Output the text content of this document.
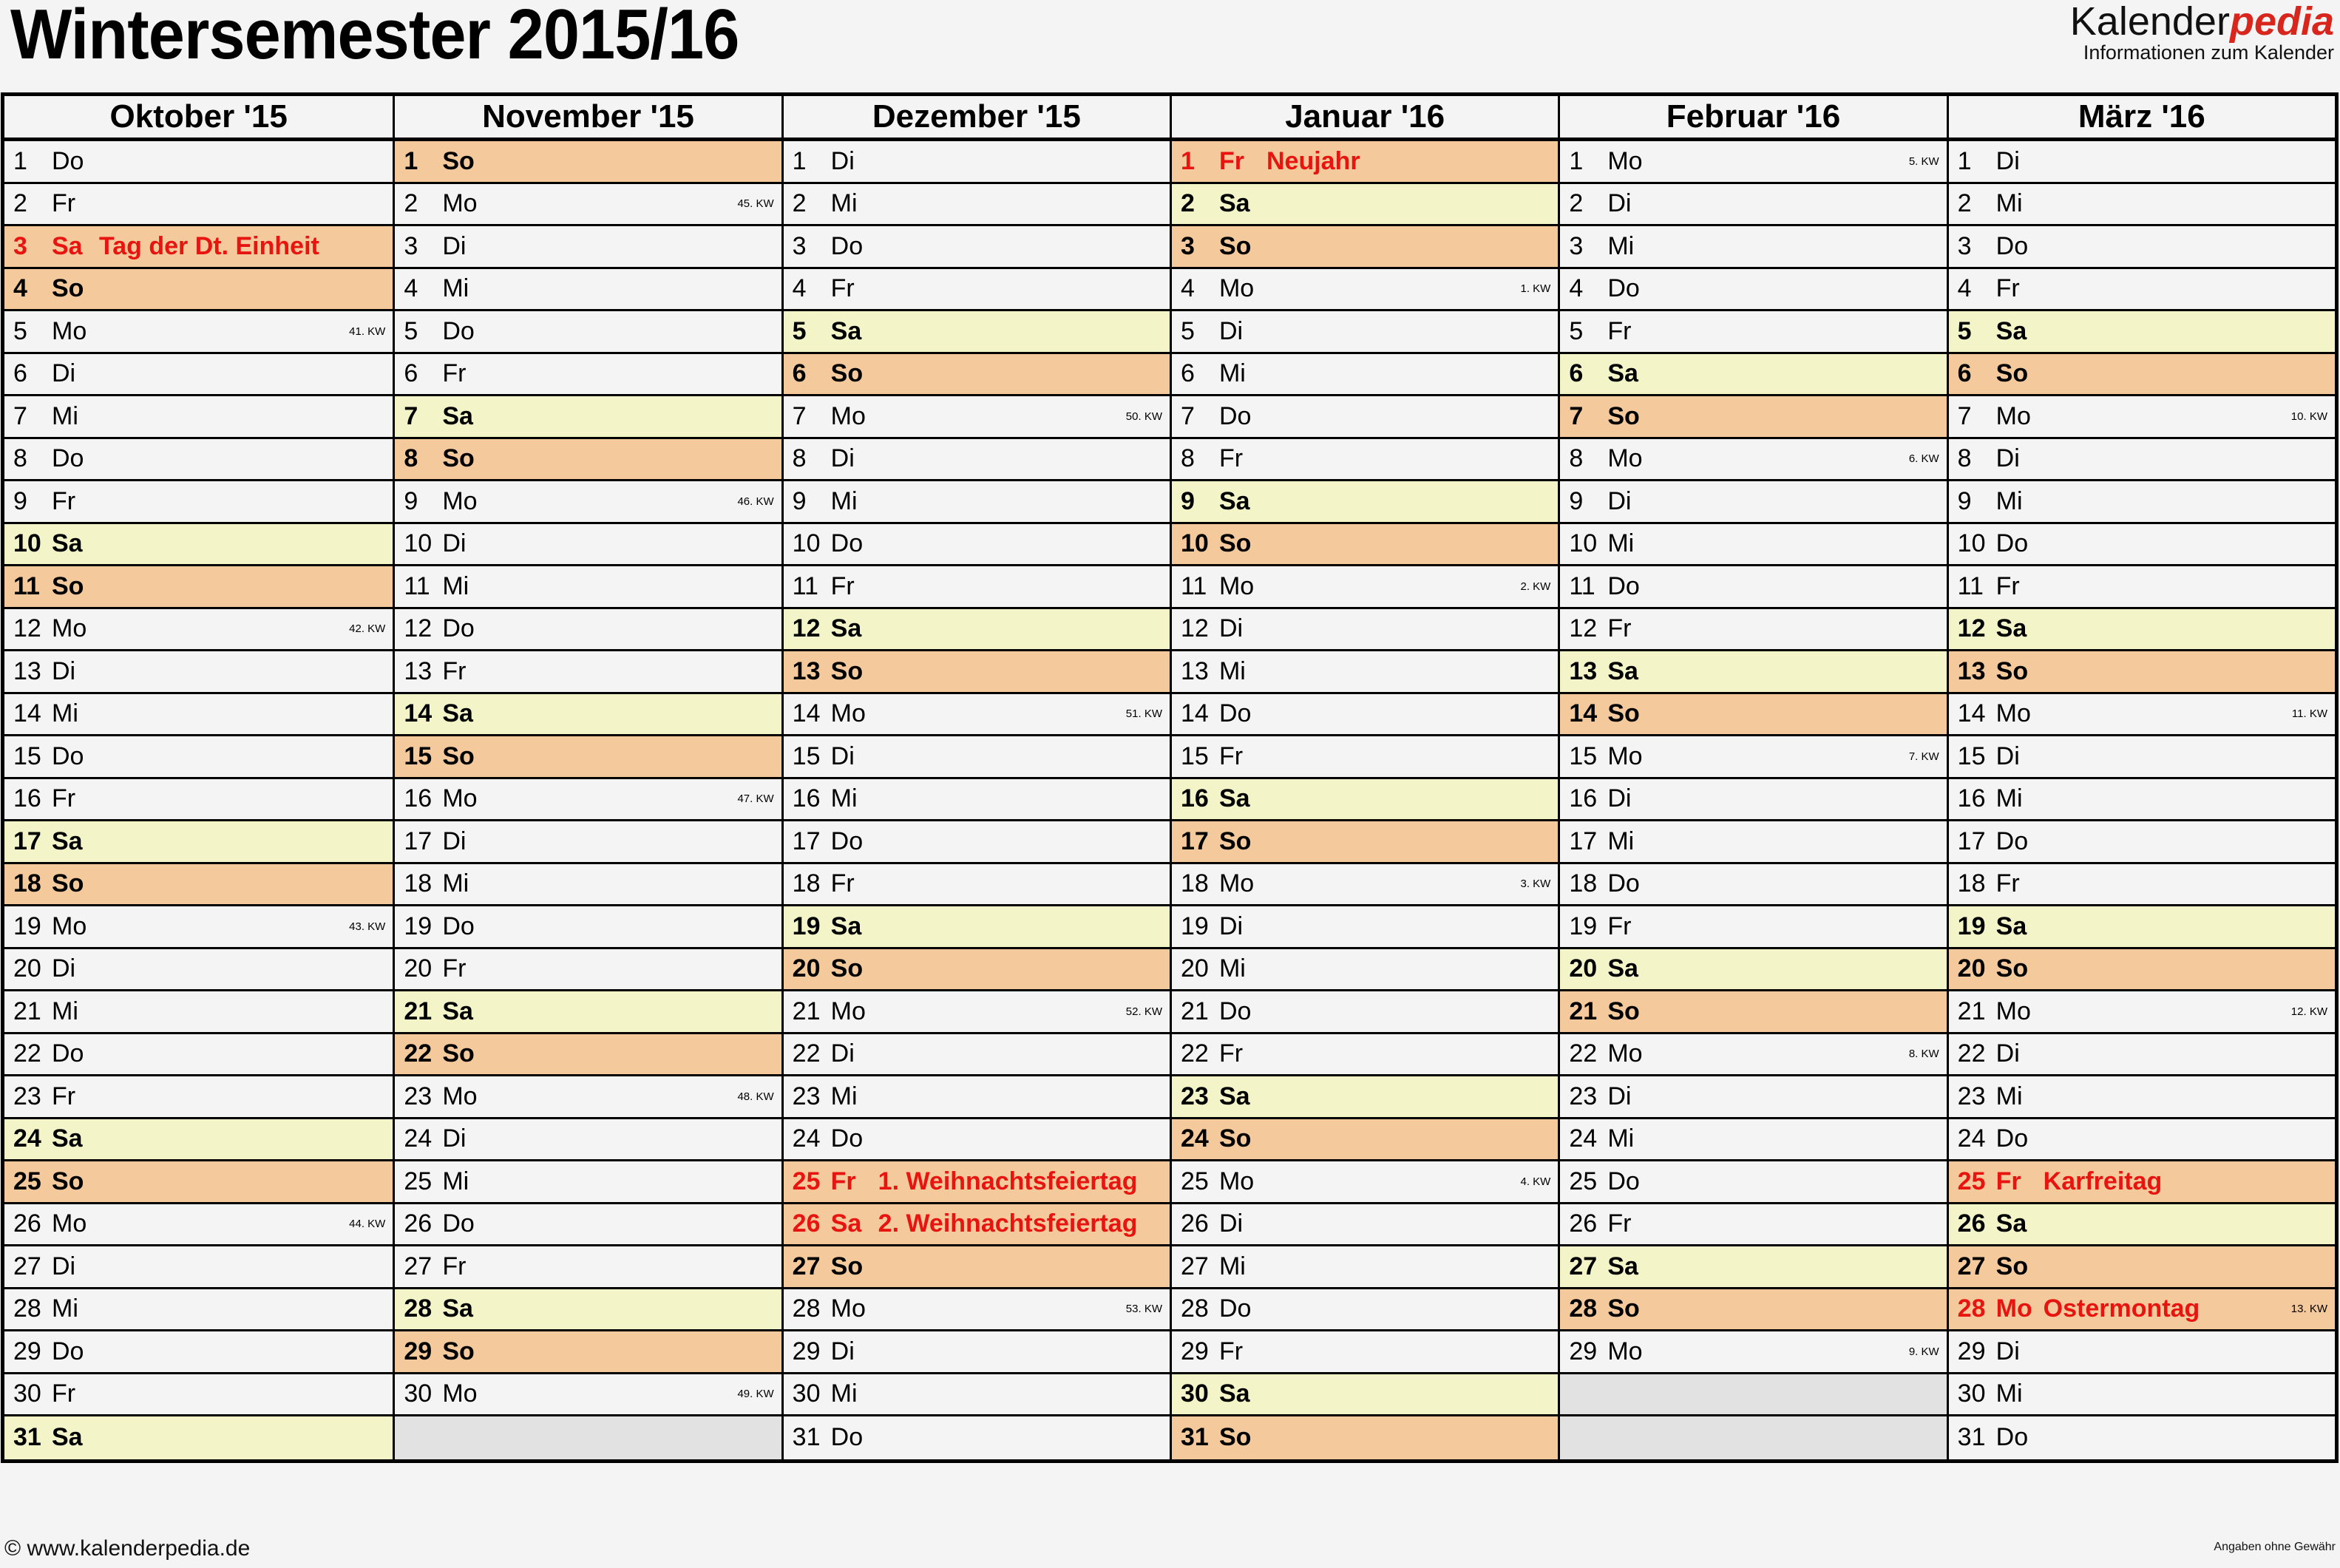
Wintersemester 2015/16	Kalenderpedia
Informationen zum Kalender
Oktober '15
1 Do
2 Fr
3 Sa Tag der Dt. Einheit
4 So
5 Mo	41. KW
6 Di
7 Mi
8 Do
9 Fr
10 Sa
11 So
12 Mo	42. KW
13 Di
14 Mi
15 Do
16 Fr
17 Sa
18 So
19 Mo	43. KW
20 Di
21 Mi
22 Do
23 Fr
24 Sa
25 So
26 Mo	44. KW
27 Di
28 Mi
29 Do
30 Fr
31 Sa
November '15
1 So
2 Mo	45. KW
3 Di
4 Mi
5 Do
6 Fr
7 Sa
8 So
9 Mo	46. KW
10 Di
11 Mi
12 Do
13 Fr
14 Sa
15 So
16 Mo	47. KW
17 Di
18 Mi
19 Do
20 Fr
21 Sa
22 So
23 Mo	48. KW
24 Di
25 Mi
26 Do
27 Fr
28 Sa
29 So
30 Mo	49. KW
Dezember '15
1 Di
2 Mi
3 Do
4 Fr
5 Sa
6 So
7 Mo	50. KW
8 Di
9 Mi
10 Do
11 Fr
12 Sa
13 So
14 Mo	51. KW
15 Di
16 Mi
17 Do
18 Fr
19 Sa
20 So
21 Mo	52. KW
22 Di
23 Mi
24 Do
25 Fr 1. Weihnachtsfeiertag
26 Sa 2. Weihnachtsfeiertag
27 So
28 Mo	53. KW
29 Di
30 Mi
31 Do
Januar '16
1 Fr Neujahr
2 Sa
3 So
4 Mo	1. KW
5 Di
6 Mi
7 Do
8 Fr
9 Sa
10 So
11 Mo	2. KW
12 Di
13 Mi
14 Do
15 Fr
16 Sa
17 So
18 Mo	3. KW
19 Di
20 Mi
21 Do
22 Fr
23 Sa
24 So
25 Mo	4. KW
26 Di
27 Mi
28 Do
29 Fr
30 Sa
31 So
Februar '16
1 Mo	5. KW
2 Di
3 Mi
4 Do
5 Fr
6 Sa
7 So
8 Mo	6. KW
9 Di
10 Mi
11 Do
12 Fr
13 Sa
14 So
15 Mo	7. KW
16 Di
17 Mi
18 Do
19 Fr
20 Sa
21 So
22 Mo	8. KW
23 Di
24 Mi
25 Do
26 Fr
27 Sa
28 So
29 Mo	9. KW
März '16
1 Di
2 Mi
3 Do
4 Fr
5 Sa
6 So
7 Mo	10. KW
8 Di
9 Mi
10 Do
11 Fr
12 Sa
13 So
14 Mo	11. KW
15 Di
16 Mi
17 Do
18 Fr
19 Sa
20 So
21 Mo	12. KW
22 Di
23 Mi
24 Do
25 Fr Karfreitag
26 Sa
27 So
28 Mo Ostermontag	13. KW
29 Di
30 Mi
31 Do
© www.kalenderpedia.de	Angaben ohne Gewähr
